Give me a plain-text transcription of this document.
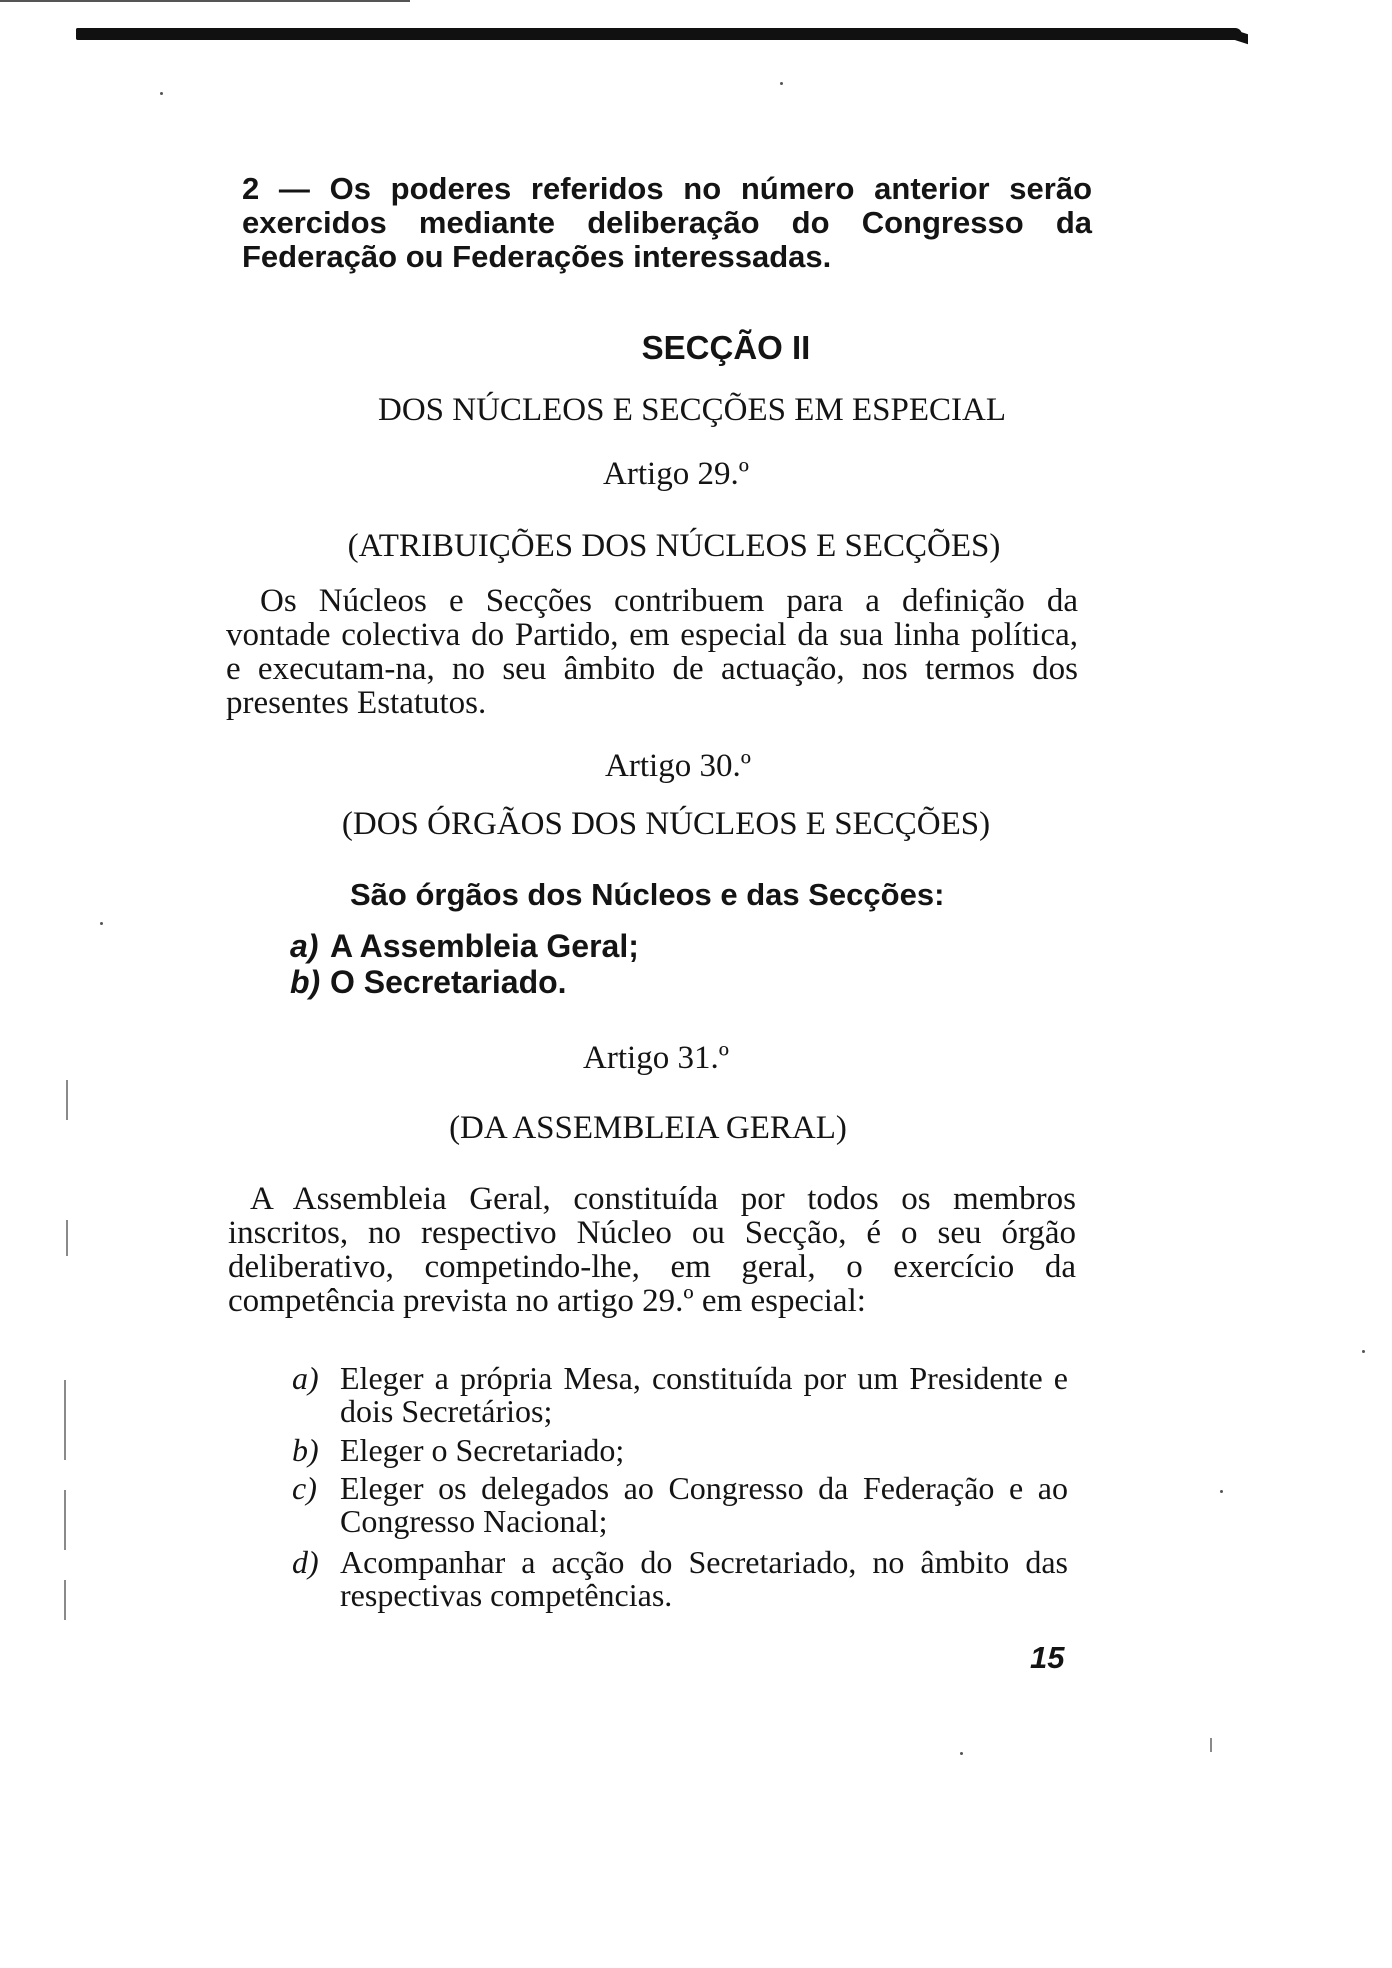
2 — Os poderes referidos no número anterior serão exercidos mediante deliberação do Congresso da Federação ou Federações interessadas.

SECÇÃO II

DOS NÚCLEOS E SECÇÕES EM ESPECIAL

Artigo 29.º

(ATRIBUIÇÕES DOS NÚCLEOS E SECÇÕES)

Os Núcleos e Secções contribuem para a definição da vontade colectiva do Partido, em especial da sua linha política, e executam-na, no seu âmbito de actuação, nos termos dos presentes Estatutos.

Artigo 30.º

(DOS ÓRGÃOS DOS NÚCLEOS E SECÇÕES)

São órgãos dos Núcleos e das Secções:

a) A Assembleia Geral;
b) O Secretariado.

Artigo 31.º

(DA ASSEMBLEIA GERAL)

A Assembleia Geral, constituída por todos os membros inscritos, no respectivo Núcleo ou Secção, é o seu órgão deliberativo, competindo-lhe, em geral, o exercício da competência prevista no artigo 29.º em especial:

a) Eleger a própria Mesa, constituída por um Presidente e dois Secretários;
b) Eleger o Secretariado;
c) Eleger os delegados ao Congresso da Federação e ao Congresso Nacional;
d) Acompanhar a acção do Secretariado, no âmbito das respectivas competências.
15
